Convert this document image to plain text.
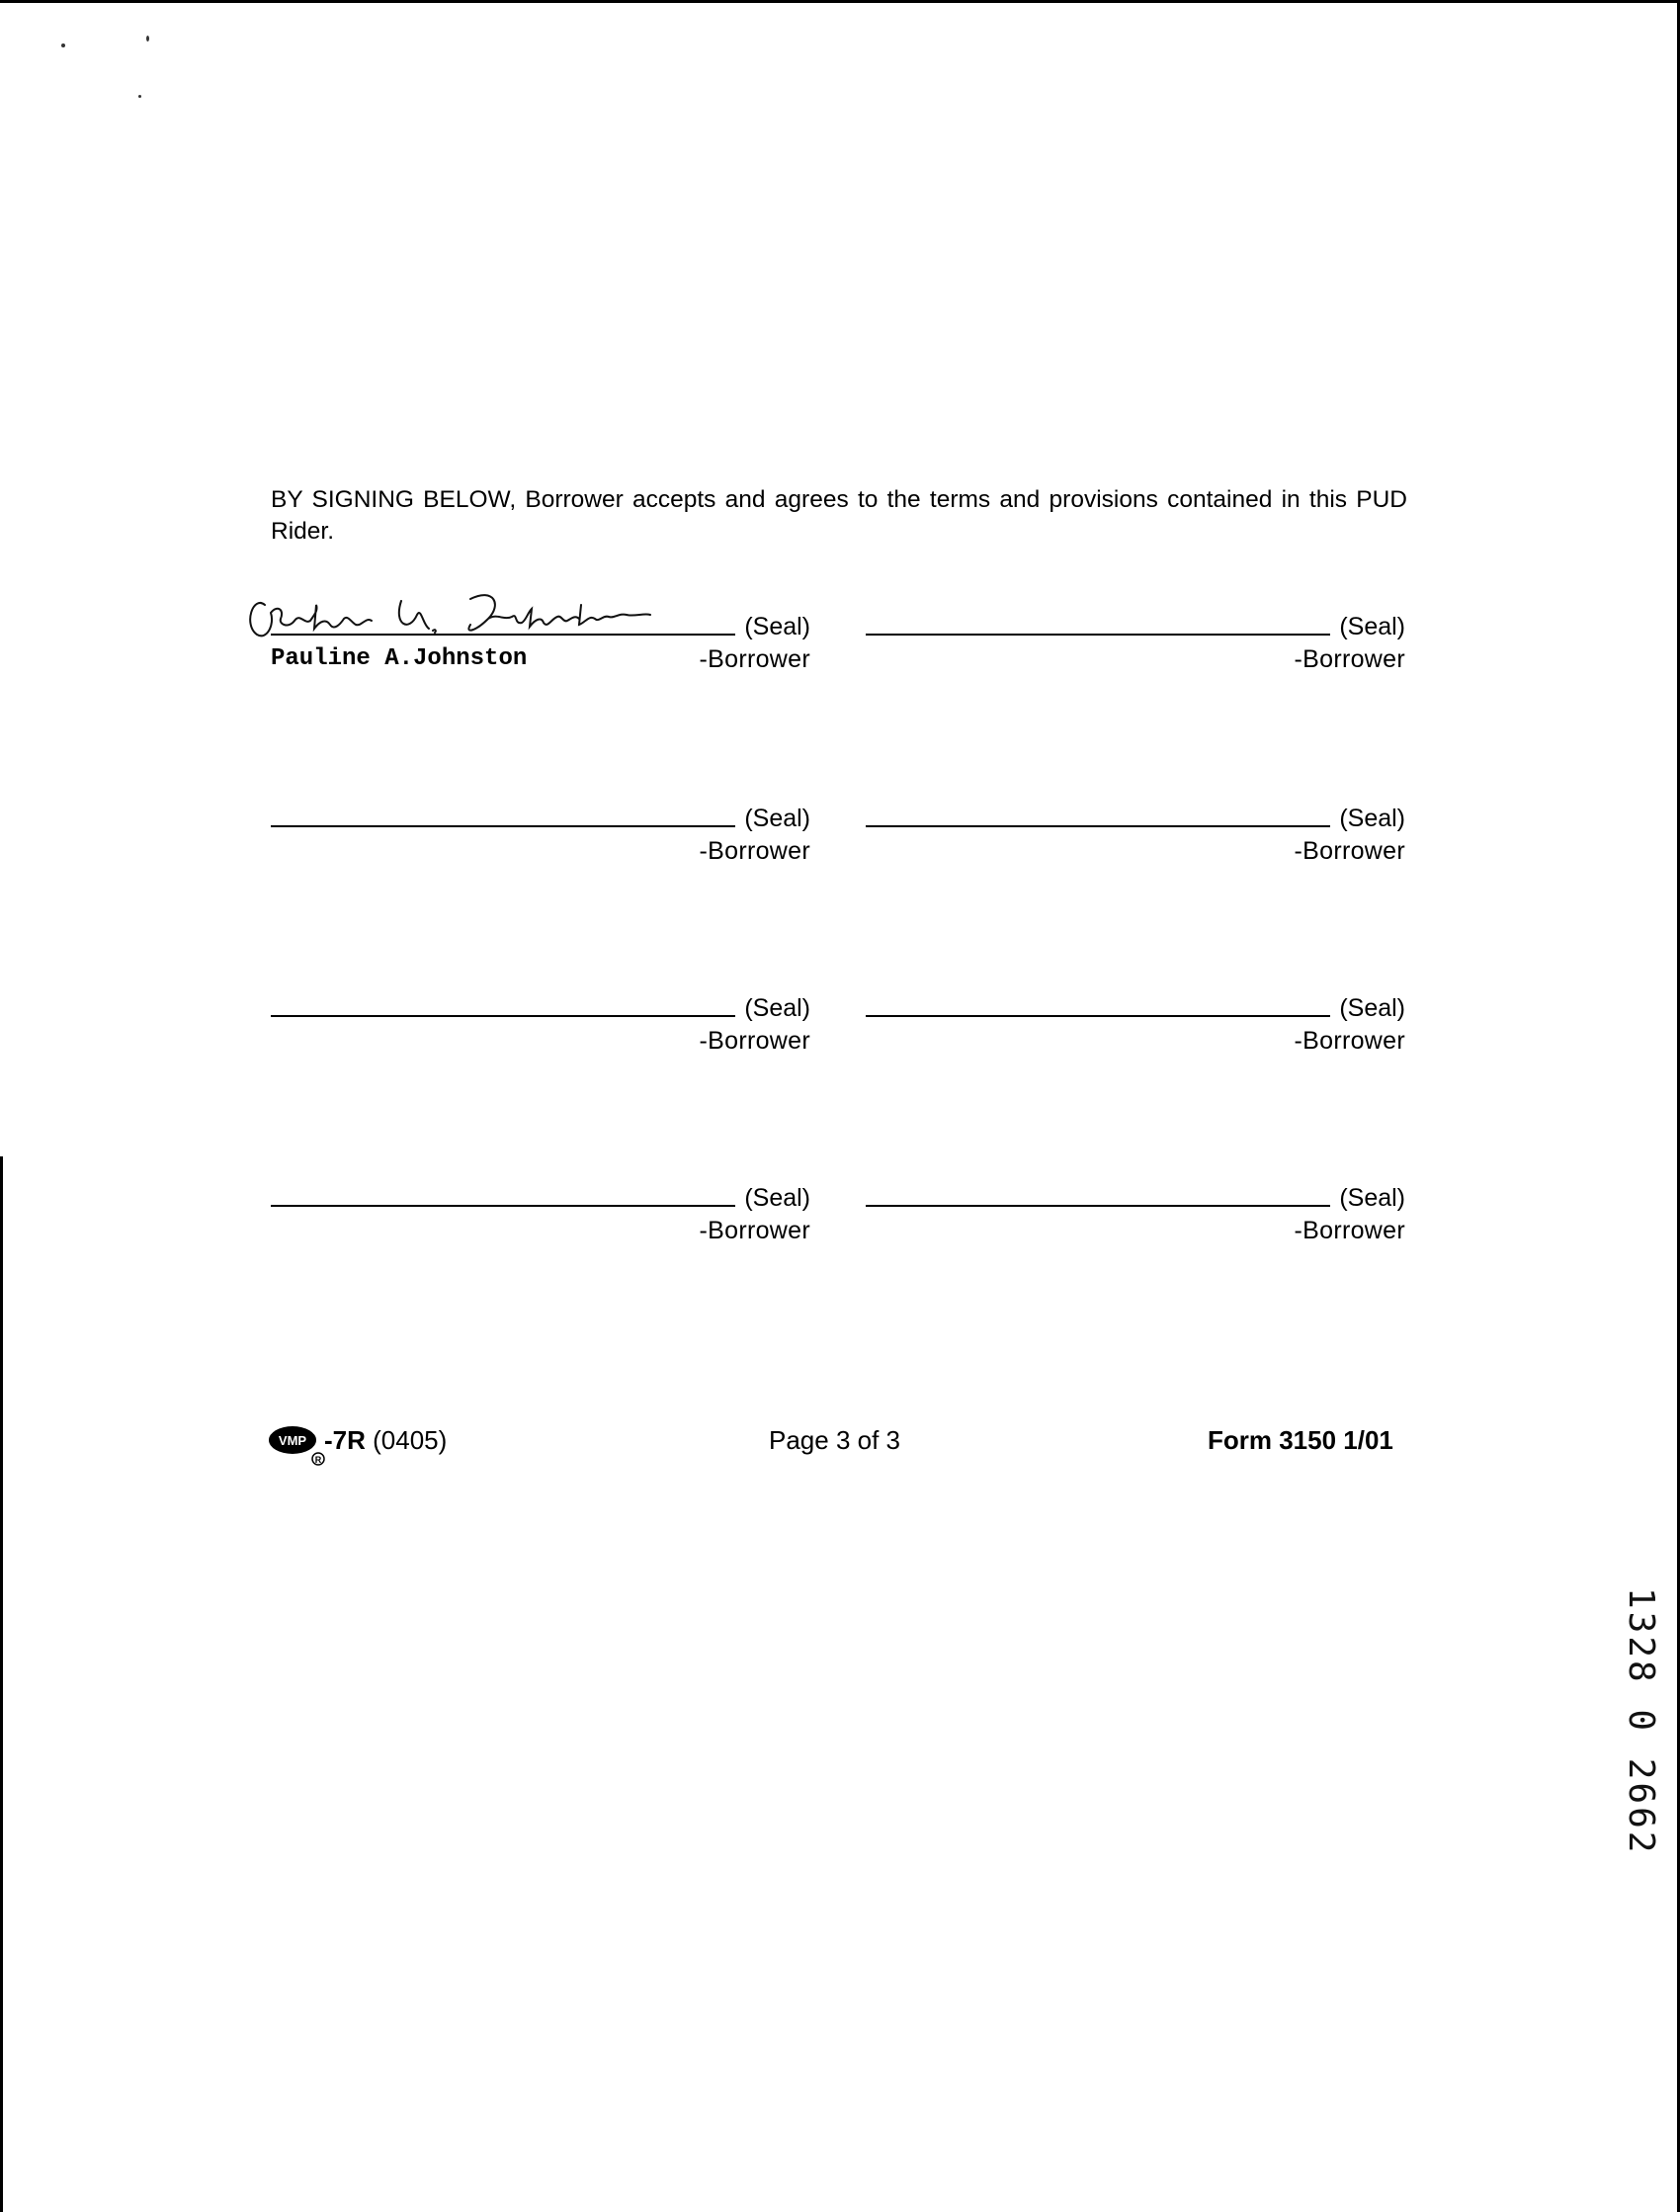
BY SIGNING BELOW, Borrower accepts and agrees to the terms and provisions contained in this PUD Rider.

(Seal)
Pauline A.Johnston	-Borrower
(Seal)
-Borrower
(Seal)
-Borrower
(Seal)
-Borrower
(Seal)
-Borrower
(Seal)
-Borrower
(Seal)
-Borrower
(Seal)
-Borrower
VMP
R
-7R (0405)	Page 3 of 3	Form 3150 1/01
1328 0 2662
